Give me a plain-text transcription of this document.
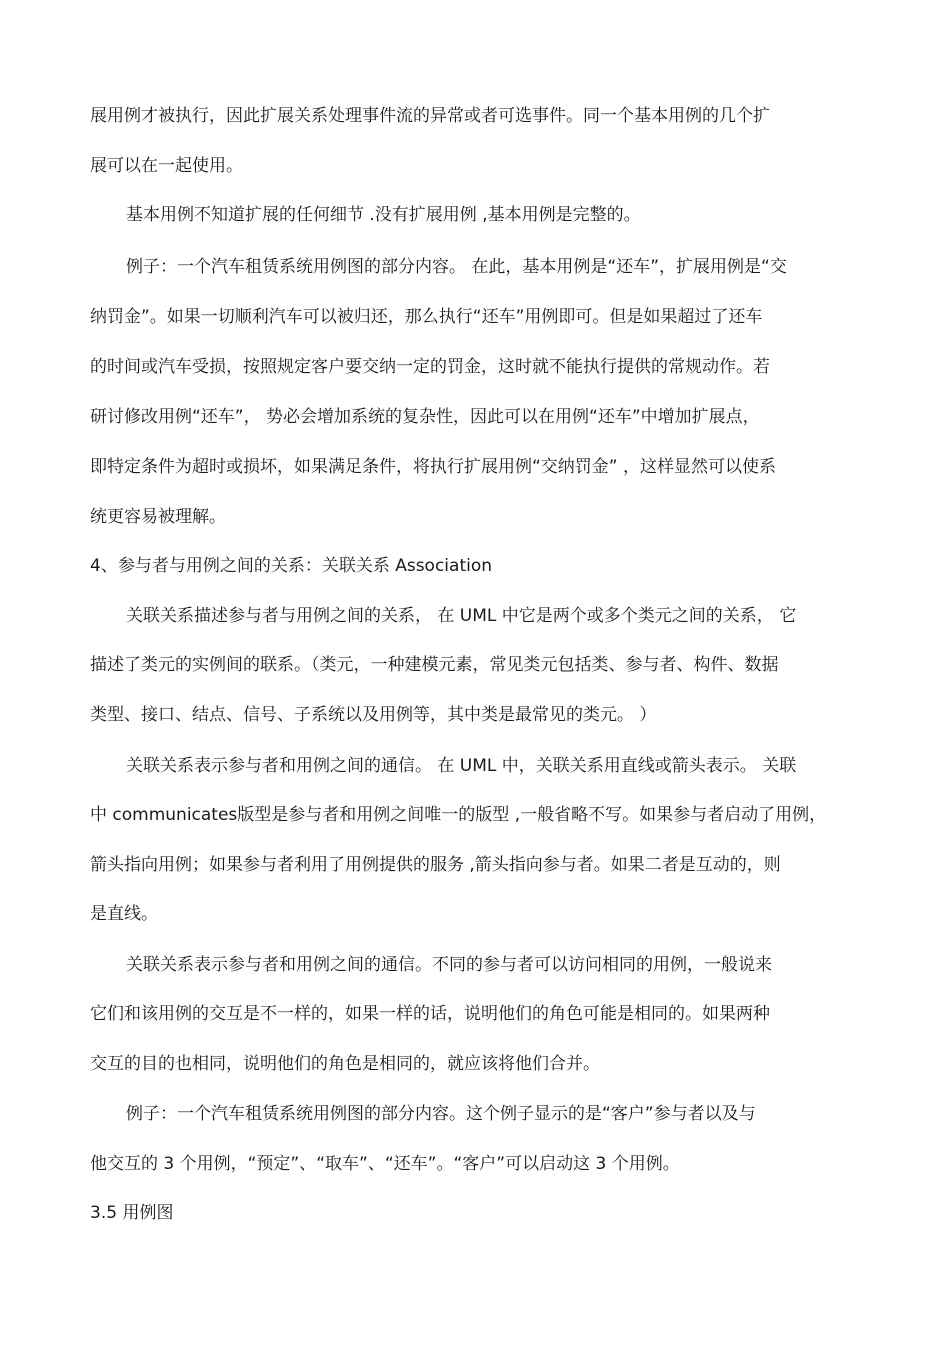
展用例才被执行，因此扩展关系处理事件流的异常或者可选事件。同一个基本用例的几个扩
展可以在一起使用。
基本用例不知道扩展的任何细节 .没有扩展用例 ,基本用例是完整的。
例子：一个汽车租赁系统用例图的部分内容。 在此，基本用例是“还车”，扩展用例是“交
纳罚金”。如果一切顺利汽车可以被归还，那么执行“还车”用例即可。但是如果超过了还车
的时间或汽车受损，按照规定客户要交纳一定的罚金，这时就不能执行提供的常规动作。若
研讨修改用例“还车”， 势必会增加系统的复杂性，因此可以在用例“还车”中增加扩展点，
即特定条件为超时或损坏，如果满足条件，将执行扩展用例“交纳罚金” ，这样显然可以使系
统更容易被理解。
4、参与者与用例之间的关系：关联关系 Association
关联关系描述参与者与用例之间的关系， 在 UML 中它是两个或多个类元之间的关系， 它
描述了类元的实例间的联系。（类元，一种建模元素，常见类元包括类、参与者、构件、数据
类型、接口、结点、信号、子系统以及用例等，其中类是最常见的类元。 ）
关联关系表示参与者和用例之间的通信。 在 UML 中，关联关系用直线或箭头表示。 关联
中 communicates版型是参与者和用例之间唯一的版型 ,一般省略不写。如果参与者启动了用例，
箭头指向用例；如果参与者利用了用例提供的服务 ,箭头指向参与者。如果二者是互动的，则
是直线。
关联关系表示参与者和用例之间的通信。不同的参与者可以访问相同的用例，一般说来
它们和该用例的交互是不一样的，如果一样的话，说明他们的角色可能是相同的。如果两种
交互的目的也相同，说明他们的角色是相同的，就应该将他们合并。
例子：一个汽车租赁系统用例图的部分内容。这个例子显示的是“客户”参与者以及与
他交互的 3 个用例，“预定”、“取车”、“还车”。“客户”可以启动这 3 个用例。
3.5 用例图
